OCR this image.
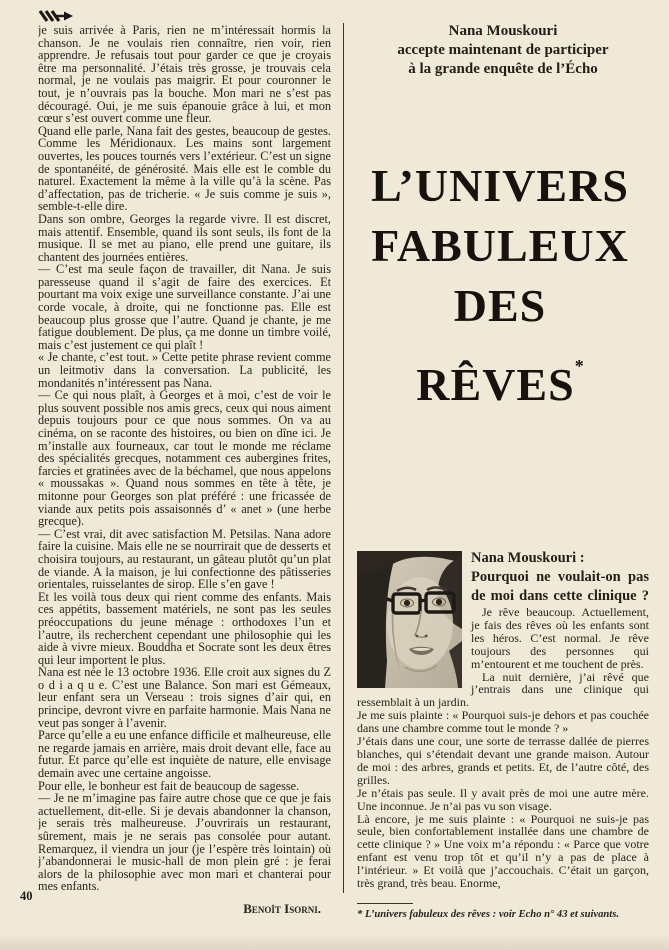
je suis arrivée à Paris, rien ne m’intéressait hormis la chanson. Je ne voulais rien connaître, rien voir, rien apprendre. Je refusais tout pour garder ce que je croyais être ma personnalité. J’étais très grosse, je trouvais cela normal, je ne voulais pas maigrir. Et pour couronner le tout, je n’ouvrais pas la bouche. Mon mari ne s’est pas découragé. Oui, je me suis épanouie grâce à lui, et mon cœur s’est ouvert comme une fleur.

Quand elle parle, Nana fait des gestes, beaucoup de gestes. Comme les Méridionaux. Les mains sont largement ouvertes, les pouces tournés vers l’extérieur. C’est un signe de spontanéité, de générosité. Mais elle est le comble du naturel. Exactement la même à la ville qu’à la scène. Pas d’affectation, pas de tricherie. « Je suis comme je suis », semble-t-elle dire.

Dans son ombre, Georges la regarde vivre. Il est discret, mais attentif. Ensemble, quand ils sont seuls, ils font de la musique. Il se met au piano, elle prend une guitare, ils chantent des journées entières.

— C’est ma seule façon de travailler, dit Nana. Je suis paresseuse quand il s’agit de faire des exercices. Et pourtant ma voix exige une surveillance constante. J’ai une corde vocale, à droite, qui ne fonctionne pas. Elle est beaucoup plus grosse que l’autre. Quand je chante, je me fatigue doublement. De plus, ça me donne un timbre voilé, mais c’est justement ce qui plaît !

« Je chante, c’est tout. » Cette petite phrase revient comme un leitmotiv dans la conversation. La publicité, les mondanités n’intéressent pas Nana.

— Ce qui nous plaît, à Georges et à moi, c’est de voir le plus souvent possible nos amis grecs, ceux qui nous aiment depuis toujours pour ce que nous sommes. On va au cinéma, on se raconte des histoires, ou bien on dîne ici. Je m’installe aux fourneaux, car tout le monde me réclame des spécialités grecques, notamment ces aubergines frites, farcies et gratinées avec de la béchamel, que nous appelons « moussakas ». Quand nous sommes en tête à tête, je mitonne pour Georges son plat préféré : une fricassée de viande aux petits pois assaisonnés d’ « anet » (une herbe grecque).

— C’est vrai, dit avec satisfaction M. Petsilas. Nana adore faire la cuisine. Mais elle ne se nourrirait que de desserts et choisira toujours, au restaurant, un gâteau plutôt qu’un plat de viande. A la maison, je lui confectionne des pâtisseries orientales, ruisselantes de sirop. Elle s’en gave !

Et les voilà tous deux qui rient comme des enfants. Mais ces appétits, bassement matériels, ne sont pas les seules préoccupations du jeune ménage : orthodoxes l’un et l’autre, ils recherchent cependant une philosophie qui les aide à vivre mieux. Bouddha et Socrate sont les deux êtres qui leur importent le plus.

Nana est née le 13 octobre 1936. Elle croit aux signes du Z o d i a q u e. C’est une Balance. Son mari est Gémeaux, leur enfant sera un Verseau : trois signes d’air qui, en principe, devront vivre en parfaite harmonie. Mais Nana ne veut pas songer à l’avenir.

Parce qu’elle a eu une enfance difficile et malheureuse, elle ne regarde jamais en arrière, mais droit devant elle, face au futur. Et parce qu’elle est inquiète de nature, elle envisage demain avec une certaine angoisse.

Pour elle, le bonheur est fait de beaucoup de sagesse.

— Je ne m’imagine pas faire autre chose que ce que je fais actuellement, dit-elle. Si je devais abandonner la chanson, je serais très malheureuse. J’ouvrirais un restaurant, sûrement, mais je ne serais pas consolée pour autant. Remarquez, il viendra un jour (je l’espère très lointain) où j’abandonnerai le music-hall de mon plein gré : je ferai alors de la philosophie avec mon mari et chanterai pour mes enfants.

Benoît Isorni.
40
Nana Mouskouri
accepte maintenant de participer
à la grande enquête de l’Écho
L’UNIVERS
FABULEUX
DES
RÊVES*
Nana Mouskouri :
Pourquoi ne voulait-on pas
de moi dans cette clinique ?

Je rêve beaucoup. Actuellement, je fais des rêves où les enfants sont les héros. C’est normal. Je rêve toujours des personnes qui m’entourent et me touchent de près.

La nuit dernière, j’ai rêvé que j’entrais dans une clinique qui ressemblait à un jardin.

Je me suis plainte : « Pourquoi suis-je dehors et pas couchée dans une chambre comme tout le monde ? »

J’étais dans une cour, une sorte de terrasse dallée de pierres blanches, qui s’étendait devant une grande maison. Autour de moi : des arbres, grands et petits. Et, de l’autre côté, des grilles.

Je n’étais pas seule. Il y avait près de moi une autre mère. Une inconnue. Je n’ai pas vu son visage.

Là encore, je me suis plainte : « Pourquoi ne suis-je pas seule, bien confortablement installée dans une chambre de cette clinique ? » Une voix m’a répondu : « Parce que votre enfant est venu trop tôt et qu’il n’y a pas de place à l’intérieur. » Et voilà que j’accouchais. C’était un garçon, très grand, très beau. Enorme,

* L’univers fabuleux des rêves : voir Echo n° 43 et suivants.
